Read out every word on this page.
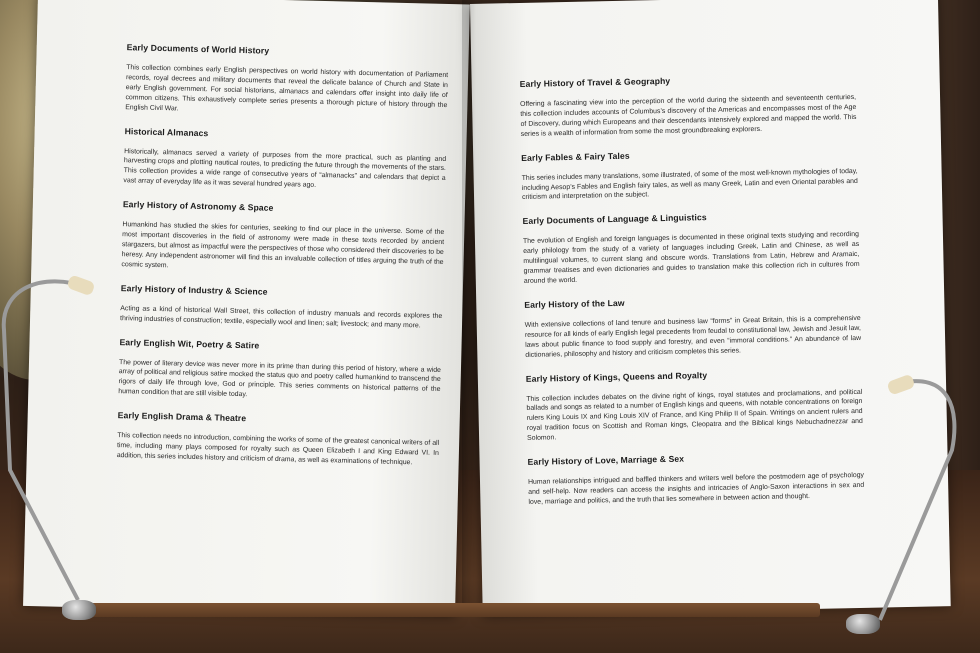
Early Documents of World History

This collection combines early English perspectives on world history with documentation of Parliament records, royal decrees and military documents that reveal the delicate balance of Church and State in early English government. For social historians, almanacs and calendars offer insight into daily life of common citizens. This exhaustively complete series presents a thorough picture of history through the English Civil War.

Historical Almanacs

Historically, almanacs served a variety of purposes from the more practical, such as planting and harvesting crops and plotting nautical routes, to predicting the future through the movements of the stars. This collection provides a wide range of consecutive years of “almanacks” and calendars that depict a vast array of everyday life as it was several hundred years ago.

Early History of Astronomy & Space

Humankind has studied the skies for centuries, seeking to find our place in the universe. Some of the most important discoveries in the field of astronomy were made in these texts recorded by ancient stargazers, but almost as impactful were the perspectives of those who considered their discoveries to be heresy. Any independent astronomer will find this an invaluable collection of titles arguing the truth of the cosmic system.

Early History of Industry & Science

Acting as a kind of historical Wall Street, this collection of industry manuals and records explores the thriving industries of construction; textile, especially wool and linen; salt; livestock; and many more.

Early English Wit, Poetry & Satire

The power of literary device was never more in its prime than during this period of history, where a wide array of political and religious satire mocked the status quo and poetry called humankind to transcend the rigors of daily life through love, God or principle. This series comments on historical patterns of the human condition that are still visible today.

Early English Drama & Theatre

This collection needs no introduction, combining the works of some of the greatest canonical writers of all time, including many plays composed for royalty such as Queen Elizabeth I and King Edward VI. In addition, this series includes history and criticism of drama, as well as examinations of technique.

Early History of Travel & Geography

Offering a fascinating view into the perception of the world during the sixteenth and seventeenth centuries, this collection includes accounts of Columbus’s discovery of the Americas and encompasses most of the Age of Discovery, during which Europeans and their descendants intensively explored and mapped the world. This series is a wealth of information from some the most groundbreaking explorers.

Early Fables & Fairy Tales

This series includes many translations, some illustrated, of some of the most well-known mythologies of today, including Aesop’s Fables and English fairy tales, as well as many Greek, Latin and even Oriental parables and criticism and interpretation on the subject.

Early Documents of Language & Linguistics

The evolution of English and foreign languages is documented in these original texts studying and recording early philology from the study of a variety of languages including Greek, Latin and Chinese, as well as multilingual volumes, to current slang and obscure words. Translations from Latin, Hebrew and Aramaic, grammar treatises and even dictionaries and guides to translation make this collection rich in cultures from around the world.

Early History of the Law

With extensive collections of land tenure and business law “forms” in Great Britain, this is a comprehensive resource for all kinds of early English legal precedents from feudal to constitutional law, Jewish and Jesuit law, laws about public finance to food supply and forestry, and even “immoral conditions.” An abundance of law dictionaries, philosophy and history and criticism completes this series.

Early History of Kings, Queens and Royalty

This collection includes debates on the divine right of kings, royal statutes and proclamations, and political ballads and songs as related to a number of English kings and queens, with notable concentrations on foreign rulers King Louis IX and King Louis XIV of France, and King Philip II of Spain. Writings on ancient rulers and royal tradition focus on Scottish and Roman kings, Cleopatra and the Biblical kings Nebuchadnezzar and Solomon.

Early History of Love, Marriage & Sex

Human relationships intrigued and baffled thinkers and writers well before the postmodern age of psychology and self-help. Now readers can access the insights and intricacies of Anglo-Saxon interactions in sex and love, marriage and politics, and the truth that lies somewhere in between action and thought.
